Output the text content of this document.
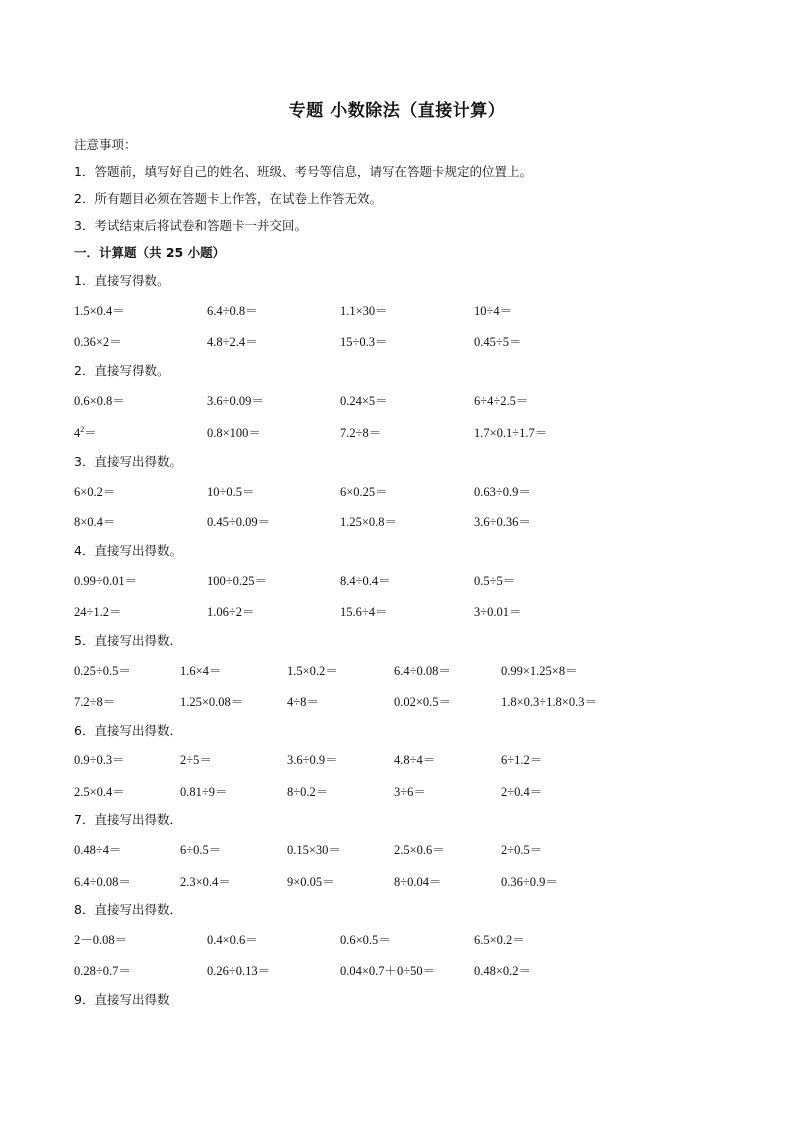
专题 小数除法（直接计算）
注意事项：
1．答题前，填写好自己的姓名、班级、考号等信息，请写在答题卡规定的位置上。
2．所有题目必须在答题卡上作答，在试卷上作答无效。
3．考试结束后将试卷和答题卡一并交回。
一．计算题（共 25 小题）
1．直接写得数。
1.5×0.4＝	6.4÷0.8＝	1.1×30＝	10÷4＝
0.36×2＝	4.8÷2.4＝	15÷0.3＝	0.45÷5＝
2．直接写得数。
0.6×0.8＝	3.6÷0.09＝	0.24×5＝	6÷4÷2.5＝
$4^2=$	0.8×100＝	7.2÷8＝	1.7×0.1÷1.7＝
3．直接写出得数。
6×0.2＝	10÷0.5＝	6×0.25＝	0.63÷0.9＝
8×0.4＝	0.45÷0.09＝	1.25×0.8＝	3.6÷0.36＝
4．直接写出得数。
0.99÷0.01＝	100÷0.25＝	8.4÷0.4＝	0.5÷5＝
24÷1.2＝	1.06÷2＝	15.6÷4＝	3÷0.01＝
5．直接写出得数．
0.25÷0.5＝	1.6×4＝	1.5×0.2＝	6.4÷0.08＝	0.99×1.25×8＝
7.2÷8＝	1.25×0.08＝	4÷8＝	0.02×0.5＝	1.8×0.3÷1.8×0.3＝
6．直接写出得数．
0.9÷0.3＝	2÷5＝	3.6÷0.9＝	4.8÷4＝	6÷1.2＝
2.5×0.4＝	0.81÷9＝	8÷0.2＝	3÷6＝	2÷0.4＝
7．直接写出得数．
0.48÷4＝	6÷0.5＝	0.15×30＝	2.5×0.6＝	2÷0.5＝
6.4÷0.08＝	2.3×0.4＝	9×0.05＝	8÷0.04＝	0.36÷0.9＝
8．直接写出得数．
2－0.08＝	0.4×0.6＝	0.6×0.5＝	6.5×0.2＝
0.28÷0.7＝	0.26÷0.13＝	0.04×0.7＋0÷50＝	0.48×0.2＝
9．直接写出得数
